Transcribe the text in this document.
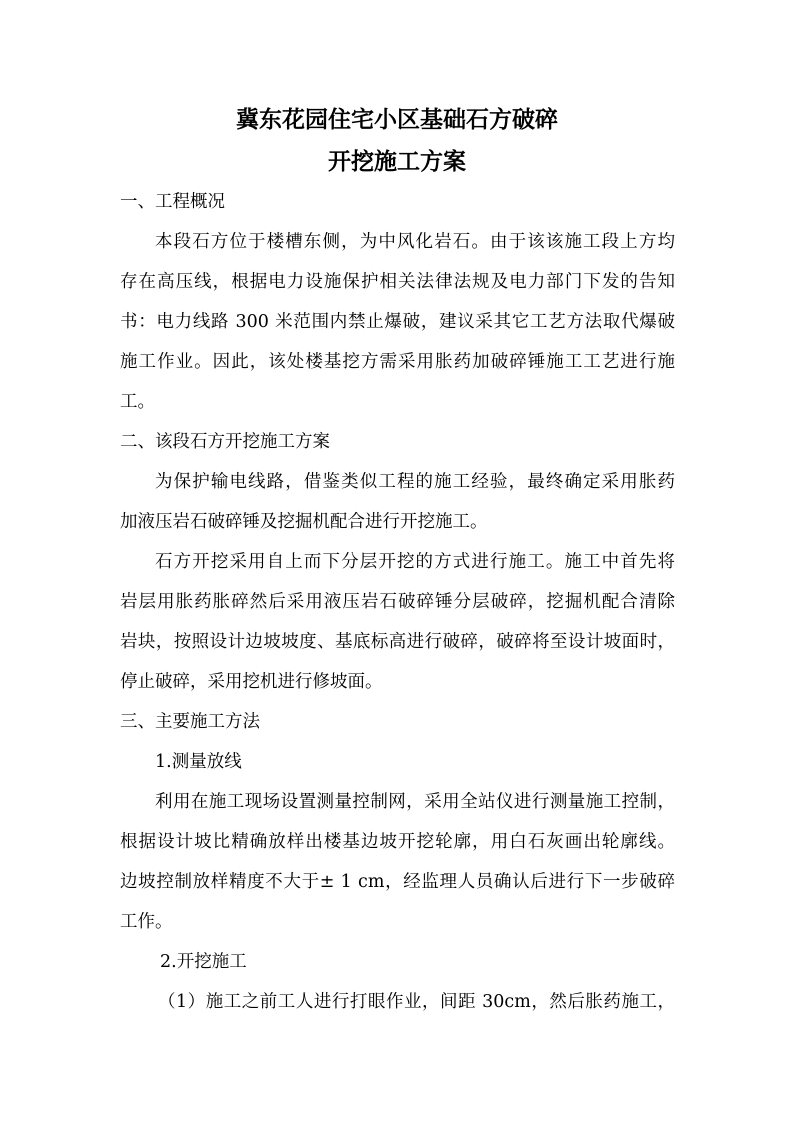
冀东花园住宅小区基础石方破碎
开挖施工方案
一、工程概况
本段石方位于楼槽东侧，为中风化岩石。由于该该施工段上方均
存在高压线，根据电力设施保护相关法律法规及电力部门下发的告知
书：电力线路 300 米范围内禁止爆破，建议采其它工艺方法取代爆破
施工作业。因此，该处楼基挖方需采用胀药加破碎锤施工工艺进行施
工。
二、该段石方开挖施工方案
为保护输电线路，借鉴类似工程的施工经验，最终确定采用胀药
加液压岩石破碎锤及挖掘机配合进行开挖施工。
石方开挖采用自上而下分层开挖的方式进行施工。施工中首先将
岩层用胀药胀碎然后采用液压岩石破碎锤分层破碎，挖掘机配合清除
岩块，按照设计边坡坡度、基底标高进行破碎，破碎将至设计坡面时，
停止破碎，采用挖机进行修坡面。
三、主要施工方法
1.测量放线
利用在施工现场设置测量控制网，采用全站仪进行测量施工控制，
根据设计坡比精确放样出楼基边坡开挖轮廓，用白石灰画出轮廓线。
边坡控制放样精度不大于± 1 cm，经监理人员确认后进行下一步破碎
工作。
2.开挖施工
（1）施工之前工人进行打眼作业，间距 30cm，然后胀药施工，
